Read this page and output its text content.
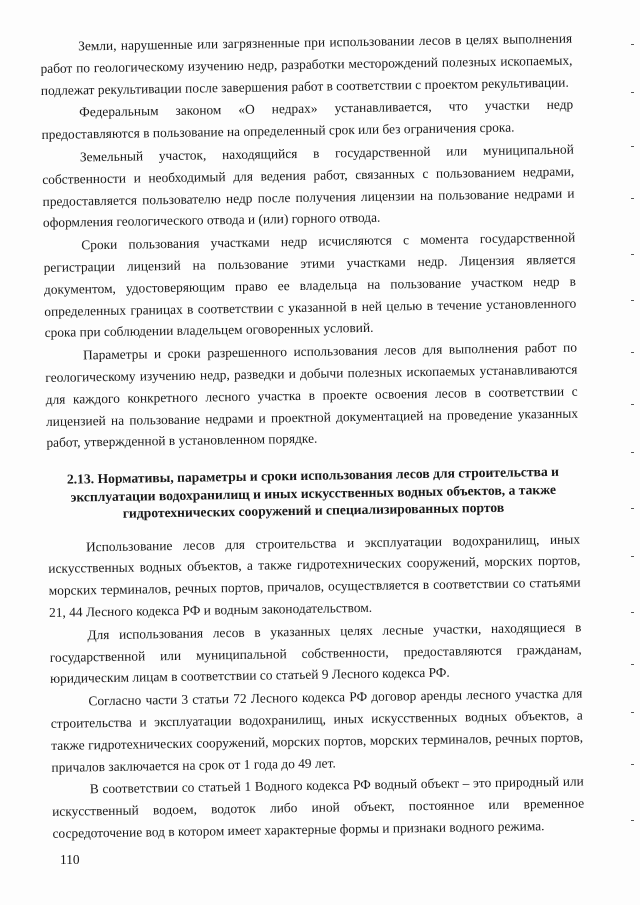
Земли, нарушенные или загрязненные при использовании лесов в целях выполнения работ по геологическому изучению недр, разработки месторождений полезных ископаемых, подлежат рекультивации после завершения работ в соответствии с проектом рекультивации.

Федеральным законом «О недрах» устанавливается, что участки недр предоставляются в пользование на определенный срок или без ограничения срока.

Земельный участок, находящийся в государственной или муниципальной собственности и необходимый для ведения работ, связанных с пользованием недрами, предоставляется пользователю недр после получения лицензии на пользование недрами и оформления геологического отвода и (или) горного отвода.

Сроки пользования участками недр исчисляются с момента государственной регистрации лицензий на пользование этими участками недр. Лицензия является документом, удостоверяющим право ее владельца на пользование участком недр в определенных границах в соответствии с указанной в ней целью в течение установленного срока при соблюдении владельцем оговоренных условий.

Параметры и сроки разрешенного использования лесов для выполнения работ по геологическому изучению недр, разведки и добычи полезных ископаемых устанавливаются для каждого конкретного лесного участка в проекте освоения лесов в соответствии с лицензией на пользование недрами и проектной документацией на проведение указанных работ, утвержденной в установленном порядке.

2.13. Нормативы, параметры и сроки использования лесов для строительства и эксплуатации водохранилищ и иных искусственных водных объектов, а также гидротехнических сооружений и специализированных портов

Использование лесов для строительства и эксплуатации водохранилищ, иных искусственных водных объектов, а также гидротехнических сооружений, морских портов, морских терминалов, речных портов, причалов, осуществляется в соответствии со статьями 21, 44 Лесного кодекса РФ и водным законодательством.

Для использования лесов в указанных целях лесные участки, находящиеся в государственной или муниципальной собственности, предоставляются гражданам, юридическим лицам в соответствии со статьей 9 Лесного кодекса РФ.

Согласно части 3 статьи 72 Лесного кодекса РФ договор аренды лесного участка для строительства и эксплуатации водохранилищ, иных искусственных водных объектов, а также гидротехнических сооружений, морских портов, морских терминалов, речных портов, причалов заключается на срок от 1 года до 49 лет.

В соответствии со статьей 1 Водного кодекса РФ водный объект – это природный или искусственный водоем, водоток либо иной объект, постоянное или временное сосредоточение вод в котором имеет характерные формы и признаки водного режима.

110
